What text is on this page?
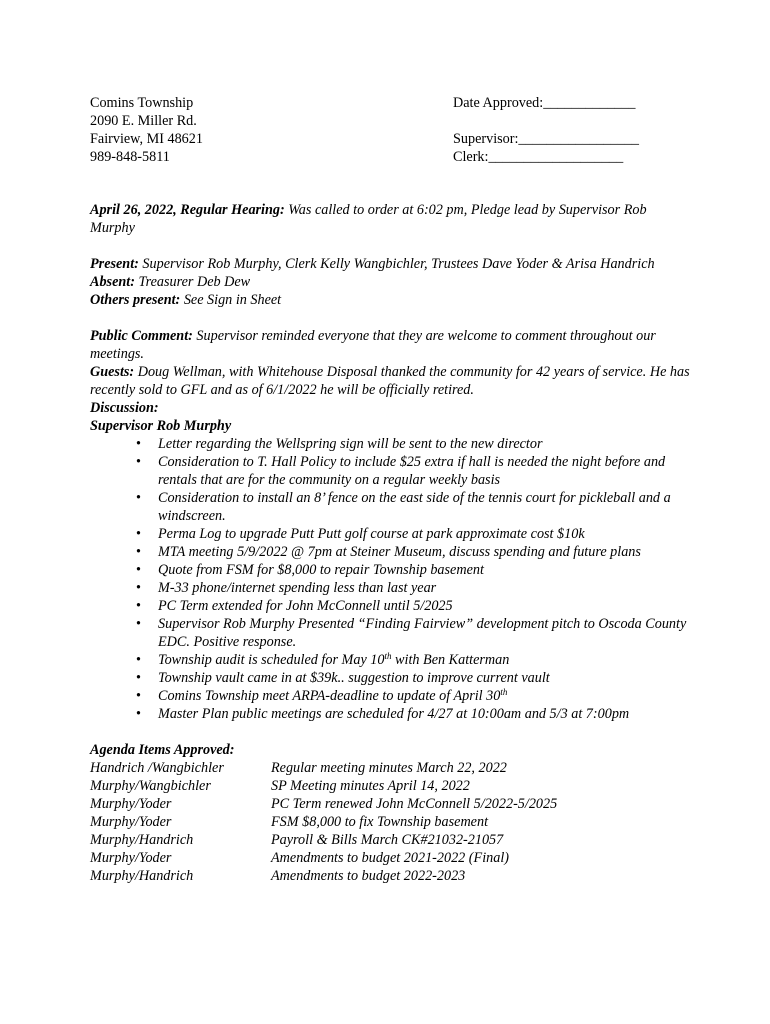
Comins Township
2090 E. Miller Rd.
Fairview, MI 48621
989-848-5811
Date Approved:_____________
Supervisor:_________________
Clerk:___________________

April 26, 2022, Regular Hearing: Was called to order at 6:02 pm, Pledge lead by Supervisor Rob Murphy

Present: Supervisor Rob Murphy, Clerk Kelly Wangbichler, Trustees Dave Yoder & Arisa Handrich

Absent: Treasurer Deb Dew

Others present: See Sign in Sheet

Public Comment: Supervisor reminded everyone that they are welcome to comment throughout our meetings.

Guests: Doug Wellman, with Whitehouse Disposal thanked the community for 42 years of service. He has recently sold to GFL and as of 6/1/2022 he will be officially retired.

Discussion:

Supervisor Rob Murphy

• Letter regarding the Wellspring sign will be sent to the new director
• Consideration to T. Hall Policy to include $25 extra if hall is needed the night before and rentals that are for the community on a regular weekly basis
• Consideration to install an 8’ fence on the east side of the tennis court for pickleball and a windscreen.
• Perma Log to upgrade Putt Putt golf course at park approximate cost $10k
• MTA meeting 5/9/2022 @ 7pm at Steiner Museum, discuss spending and future plans
• Quote from FSM for $8,000 to repair Township basement
• M-33 phone/internet spending less than last year
• PC Term extended for John McConnell until 5/2025
• Supervisor Rob Murphy Presented “Finding Fairview” development pitch to Oscoda County EDC. Positive response.
• Township audit is scheduled for May 10th with Ben Katterman
• Township vault came in at $39k.. suggestion to improve current vault
• Comins Township meet ARPA-deadline to update of April 30th
• Master Plan public meetings are scheduled for 4/27 at 10:00am and 5/3 at 7:00pm

Agenda Items Approved:

Handrich /Wangbichler	Regular meeting minutes March 22, 2022
Murphy/Wangbichler	SP Meeting minutes April 14, 2022
Murphy/Yoder	PC Term renewed John McConnell 5/2022-5/2025
Murphy/Yoder	FSM $8,000 to fix Township basement
Murphy/Handrich	Payroll & Bills March CK#21032-21057
Murphy/Yoder	Amendments to budget 2021-2022 (Final)
Murphy/Handrich	Amendments to budget 2022-2023
